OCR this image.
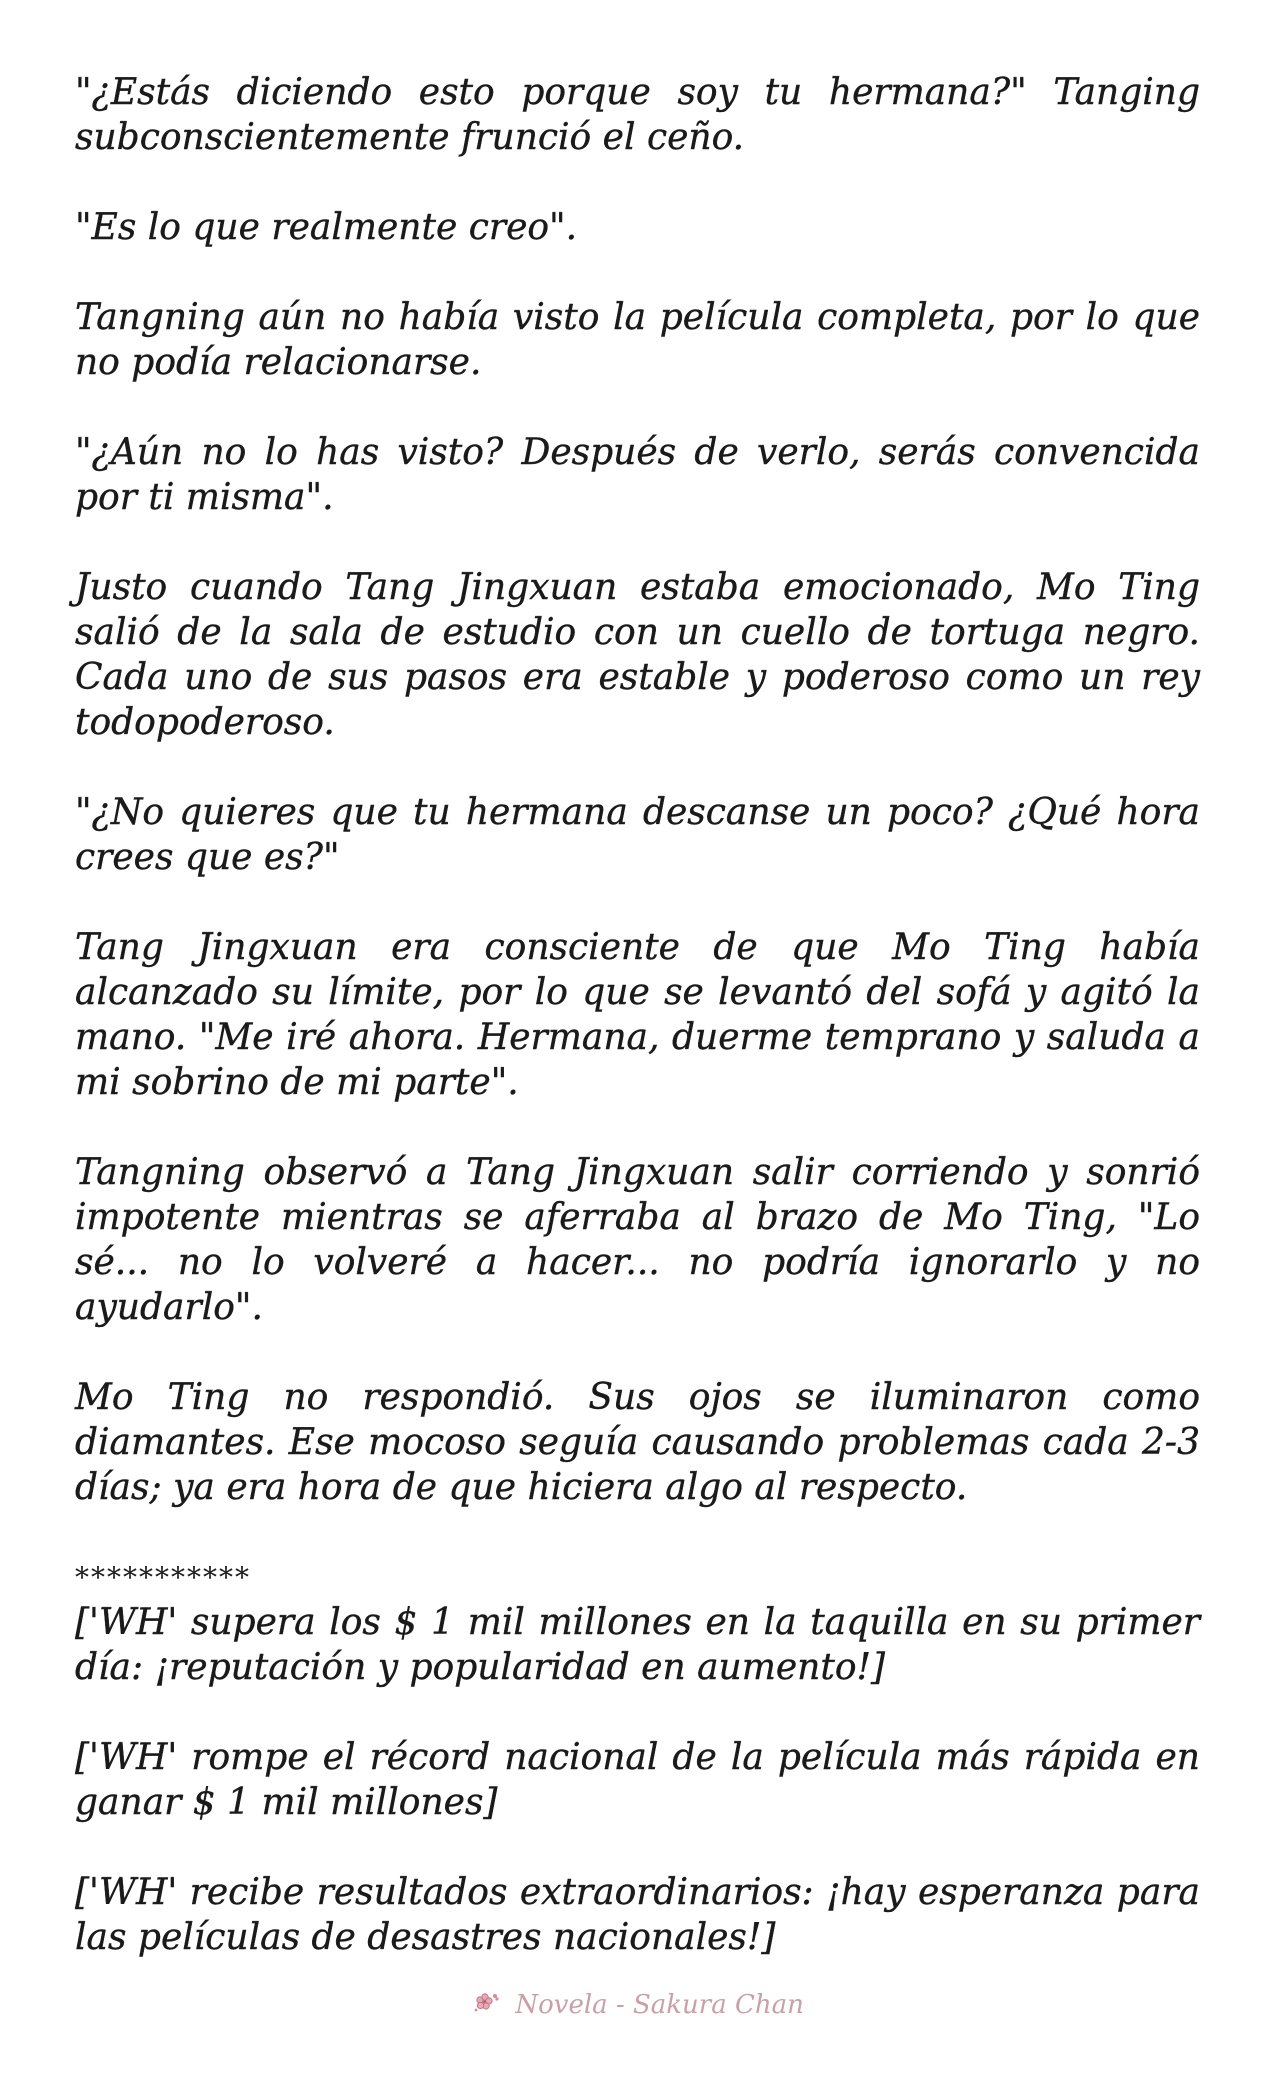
"¿Estás diciendo esto porque soy tu hermana?" Tanging subconscientemente frunció el ceño.

"Es lo que realmente creo".

Tangning aún no había visto la película completa, por lo que no podía relacionarse.

"¿Aún no lo has visto? Después de verlo, serás convencida por ti misma".

Justo cuando Tang Jingxuan estaba emocionado, Mo Ting salió de la sala de estudio con un cuello de tortuga negro. Cada uno de sus pasos era estable y poderoso como un rey todopoderoso.

"¿No quieres que tu hermana descanse un poco? ¿Qué hora crees que es?"

Tang Jingxuan era consciente de que Mo Ting había alcanzado su límite, por lo que se levantó del sofá y agitó la mano. "Me iré ahora. Hermana, duerme temprano y saluda a mi sobrino de mi parte".

Tangning observó a Tang Jingxuan salir corriendo y sonrió impotente mientras se aferraba al brazo de Mo Ting, "Lo sé... no lo volveré a hacer... no podría ignorarlo y no ayudarlo".

Mo Ting no respondió. Sus ojos se iluminaron como diamantes. Ese mocoso seguía causando problemas cada 2-3 días; ya era hora de que hiciera algo al respecto.

***********

['WH' supera los $ 1 mil millones en la taquilla en su primer día: ¡reputación y popularidad en aumento!]

['WH' rompe el récord nacional de la película más rápida en ganar $ 1 mil millones]

['WH' recibe resultados extraordinarios: ¡hay esperanza para las películas de desastres nacionales!]

Novela - Sakura Chan
